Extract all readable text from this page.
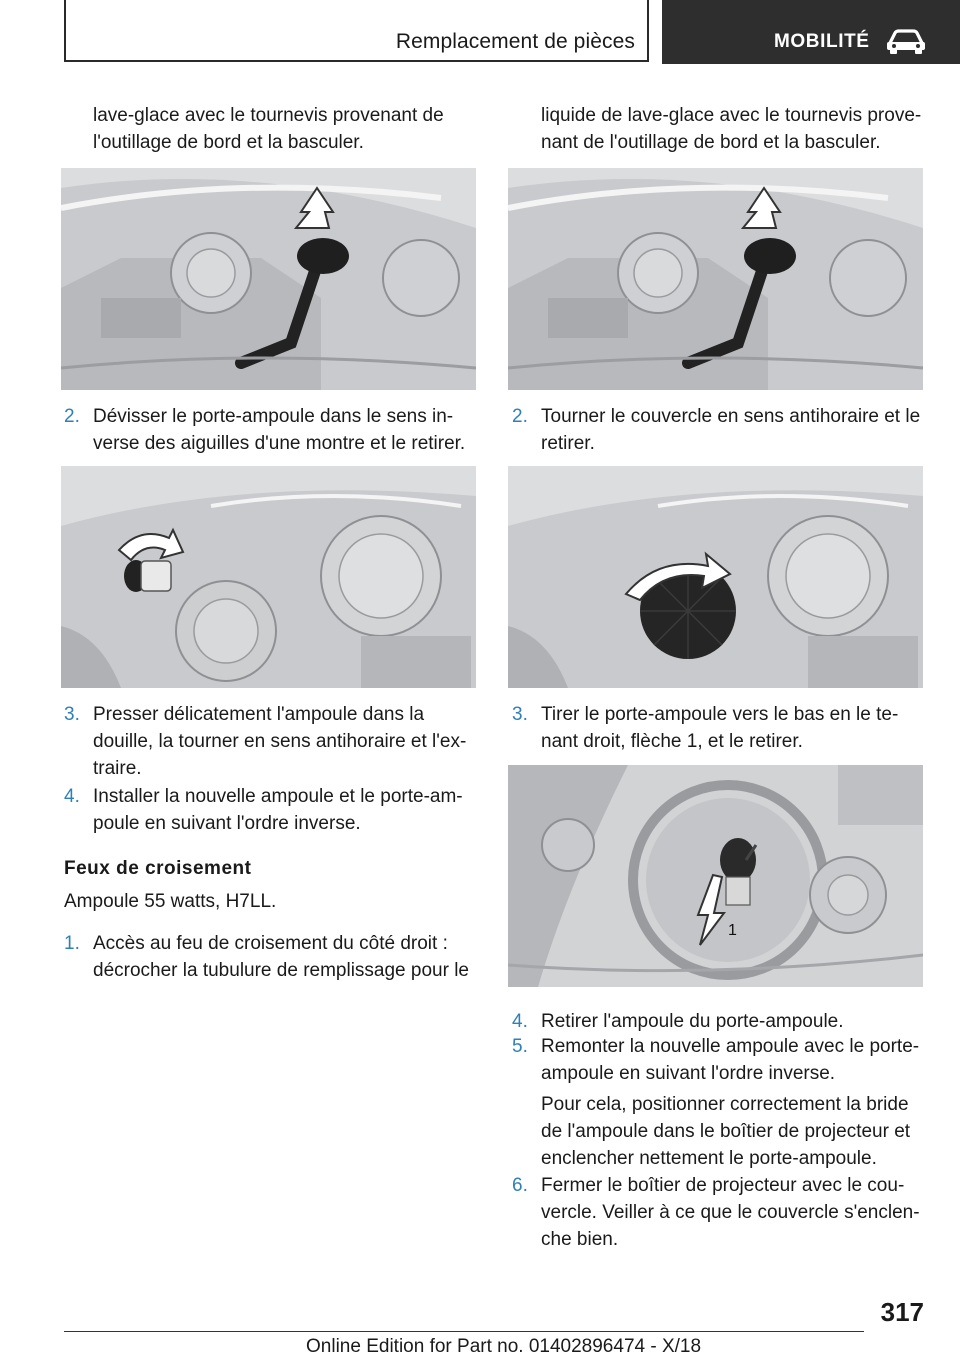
Remplacement de pièces	MOBILITÉ
lave-glace avec le tournevis provenant de
l'outillage de bord et la basculer.
2. Dévisser le porte-ampoule dans le sens in-
verse des aiguilles d'une montre et le retirer.
3. Presser délicatement l'ampoule dans la
douille, la tourner en sens antihoraire et l'ex-
traire.
4. Installer la nouvelle ampoule et le porte-am-
poule en suivant l'ordre inverse.
Feux de croisement
Ampoule 55 watts, H7LL.
1. Accès au feu de croisement du côté droit :
décrocher la tubulure de remplissage pour le
liquide de lave-glace avec le tournevis prove-
nant de l'outillage de bord et la basculer.
2. Tourner le couvercle en sens antihoraire et le
retirer.
3. Tirer le porte-ampoule vers le bas en le te-
nant droit, flèche 1, et le retirer.
1
4. Retirer l'ampoule du porte-ampoule.
5. Remonter la nouvelle ampoule avec le porte-
ampoule en suivant l'ordre inverse.
Pour cela, positionner correctement la bride
de l'ampoule dans le boîtier de projecteur et
enclencher nettement le porte-ampoule.
6. Fermer le boîtier de projecteur avec le cou-
vercle. Veiller à ce que le couvercle s'enclen-
che bien.
317
Online Edition for Part no. 01402896474 - X/18
